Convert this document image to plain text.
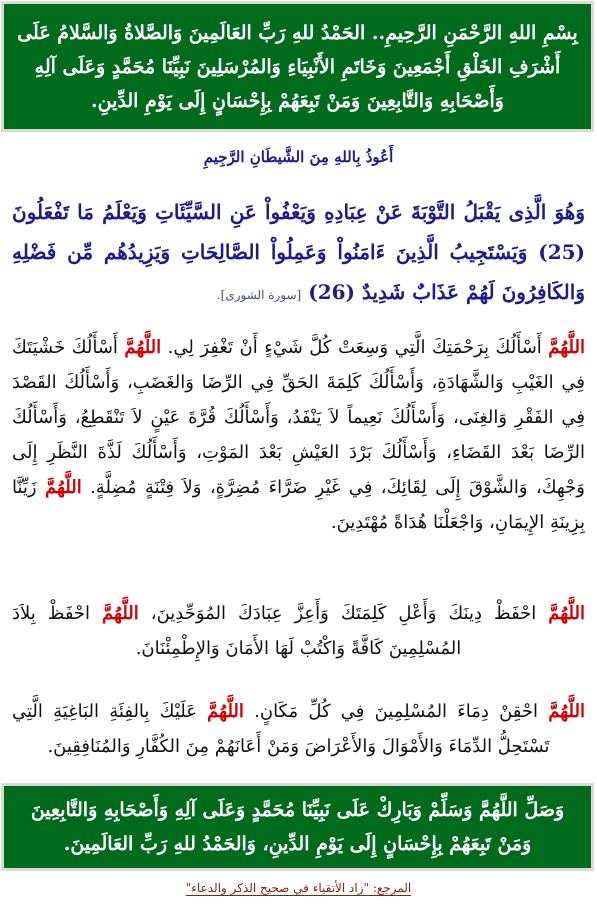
بِسْمِ اللهِ الرَّحْمَنِ الرَّحِيمِ.. الحَمْدُ للهِ رَبِّ العَالَمِينَ وَالصَّلاةُ وَالسَّلامُ عَلَى أَشْرَفِ الخَلْقِ أَجْمَعِينَ وَخَاتَمِ الأَنْبِيَاءِ وَالمُرْسَلِينَ نَبِيِّنَا مُحَمَّدٍ وَعَلَى آلِهِ وَأَصْحَابِهِ وَالتَّابِعِينَ وَمَنْ تَبِعَهُمْ بِإِحْسَانٍ إِلَى يَوْمِ الدِّينِ.
أَعُوذُ بِاللهِ مِنَ الشَّيطَانِ الرَّجِيمِ
وَهُوَ الَّذِى يَقْبَلُ التَّوْبَةَ عَنْ عِبَادِهِ وَيَعْفُواْ عَنِ السَّيِّئَاتِ وَيَعْلَمُ مَا تَفْعَلُونَ (25) وَيَسْتَجِيبُ الَّذِينَ ءَامَنُواْ وَعَمِلُواْ الصَّالِحَاتِ وَيَزِيدُهُم مِّن فَضْلِهِ وَالكَافِرُونَ لَهُمْ عَذَابٌ شَدِيدٌ (26) [سورة الشورى].
اللَّهُمَّ أَسْأَلُكَ بِرَحْمَتِكَ الَّتِي وَسِعَتْ كُلَّ شَيْءٍ أَنْ تَغْفِرَ لِي. اللَّهُمَّ أَسْأَلُكَ خَشْيَتَكَ فِي الغَيْبِ وَالشَّهَادَةِ، وَأَسْأَلُكَ كَلِمَةَ الحَقِّ فِي الرِّضَا وَالغَضَبِ، وَأَسْأَلُكَ القَصْدَ فِي الفَقْرِ وَالغِنَى، وَأَسْأَلُكَ نَعِيماً لاَ يَنْفَدُ، وَأَسْأَلُكَ قُرَّةَ عَيْنٍ لاَ تَنْقَطِعُ، وَأَسْأَلُكَ الرِّضَا بَعْدَ القَضَاءِ، وَأَسْأَلُكَ بَرْدَ العَيْشِ بَعْدَ المَوْتِ، وَأَسْأَلُكَ لَذَّةَ النَّظَرِ إِلَى وَجْهِكَ، وَالشَّوْقَ إِلَى لِقَائِكَ، فِي غَيْرِ ضَرَّاءَ مُضِرَّةٍ، وَلاَ فِتْنَةٍ مُضِلَّةٍ. اللَّهُمَّ زَيِّنَّا بِزِينَةِ الإِيمَانِ، وَاجْعَلْنَا هُدَاةً مُهْتَدِينَ.
اللَّهُمَّ احْفَظْ دِينَكَ وَأَعْلِ كَلِمَتَكَ وَأَعِزَّ عِبَادَكَ المُوَحِّدِينَ، اللَّهُمَّ احْفَظْ بِلاَدَ المُسْلِمِينَ كَافَّةً وَاكْتُبْ لَهَا الأَمَانَ وَالإِطْمِئْنَانَ.
اللَّهُمَّ احْقِنْ دِمَاءَ المُسْلِمِينَ فِي كُلِّ مَكَانٍ. اللَّهُمَّ عَلَيْكَ بِالفِئَةِ البَاغِيَةِ الَّتِي تَسْتَحِلُّ الدِّمَاءَ وَالأَمْوَالَ وَالأَعْرَاضَ وَمَنْ أَعَانَهُمْ مِنَ الكُفَّارِ وَالمُنَافِقِينَ.
وَصَلِّ اللَّهُمَّ وَسَلِّمْ وَبَارِكْ عَلَى نَبِيِّنَا مُحَمَّدٍ وَعَلَى آلِهِ وَأَصْحَابِهِ وَالتَّابِعِينَ وَمَنْ تَبِعَهُمْ بِإِحْسَانٍ إِلَى يَوْمِ الدِّينِ، وَالحَمْدُ للهِ رَبِّ العَالَمِينَ.
المرجع: "زاد الأتقياء في صحيح الذكر والدعاء"
